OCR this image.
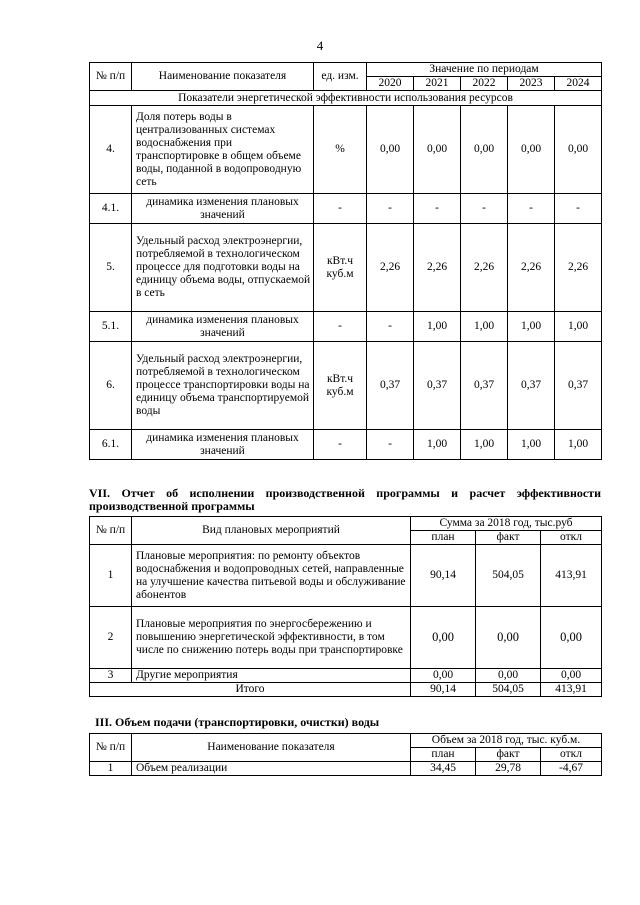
4
№ п/п	Наименование показателя	ед. изм.	Значение по периодам				
			2020	2021	2022	2023	2024
Показатели энергетической эффективности использования ресурсов							
4.	Доля потерь воды в централизованных системах водоснабжения при транспортировке в общем объеме воды, поданной в водопроводную сеть	%	0,00	0,00	0,00	0,00	0,00
4.1.	динамика изменения плановых значений	-	-	-	-	-	-
5.	Удельный расход электроэнергии, потребляемой в технологическом процессе для подготовки воды на единицу объема воды, отпускаемой в сеть	кВт.ч куб.м	2,26	2,26	2,26	2,26	2,26
5.1.	динамика изменения плановых значений	-	-	1,00	1,00	1,00	1,00
6.	Удельный расход электроэнергии, потребляемой в технологическом процессе транспортировки воды на единицу объема транспортируемой воды	кВт.ч куб.м	0,37	0,37	0,37	0,37	0,37
6.1.	динамика изменения плановых значений	-	-	1,00	1,00	1,00	1,00
VII. Отчет об исполнении производственной программы и расчет эффективности производственной программы
№ п/п	Вид плановых мероприятий	Сумма за 2018 год, тыс.руб		
		план	факт	откл
1	Плановые мероприятия: по ремонту объектов водоснабжения и водопроводных сетей, направленные на улучшение качества питьевой воды и обслуживание абонентов	90,14	504,05	413,91
2	Плановые мероприятия по энергосбережению и повышению энергетической эффективности, в том числе по снижению потерь воды при транспортировке	0,00	0,00	0,00
3	Другие мероприятия	0,00	0,00	0,00
Итого		90,14	504,05	413,91
III. Объем подачи (транспортировки, очистки) воды
№ п/п	Наименование показателя	Объем за 2018 год, тыс. куб.м.		
		план	факт	откл
1	Объем реализации	34,45	29,78	-4,67
